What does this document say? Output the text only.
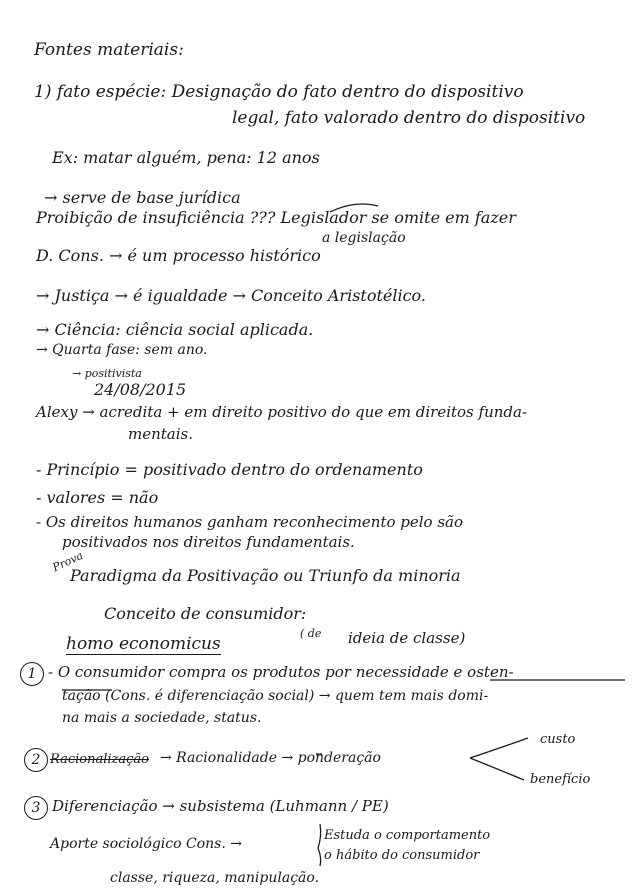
Fontes materiais:
1) fato espécie: Designação do fato dentro do dispositivo
legal, fato valorado dentro do dispositivo
Ex: matar alguém, pena: 12 anos
→ serve de base jurídica
Proibição de insuficiência ??? Legislador se omite em fazer
a legislação
D. Cons. → é um processo histórico
→ Justiça → é igualdade → Conceito Aristotélico.
→ Ciência: ciência social aplicada.
→ Quarta fase: sem ano.
→ positivista
24/08/2015
Alexy → acredita + em direito positivo do que em direitos funda-
mentais.
- Princípio = positivado dentro do ordenamento
- valores = não
- Os direitos humanos ganham reconhecimento pelo são
positivados nos direitos fundamentais.
Prova
Paradigma da Positivação ou Triunfo da minoria
Conceito de consumidor:
homo economicus
( de ideia de classe)
1 - O consumidor compra os produtos por necessidade e osten-
tação (Cons. é diferenciação social) → quem tem mais domi-
na mais a sociedade, status.
2 Racionalização → Racionalidade → ponderação
custo
benefício
3 Diferenciação → subsistema (Luhmann / PE)
Aporte sociológico Cons. →
Estuda o comportamento
o hábito do consumidor
classe, riqueza, manipulação.
